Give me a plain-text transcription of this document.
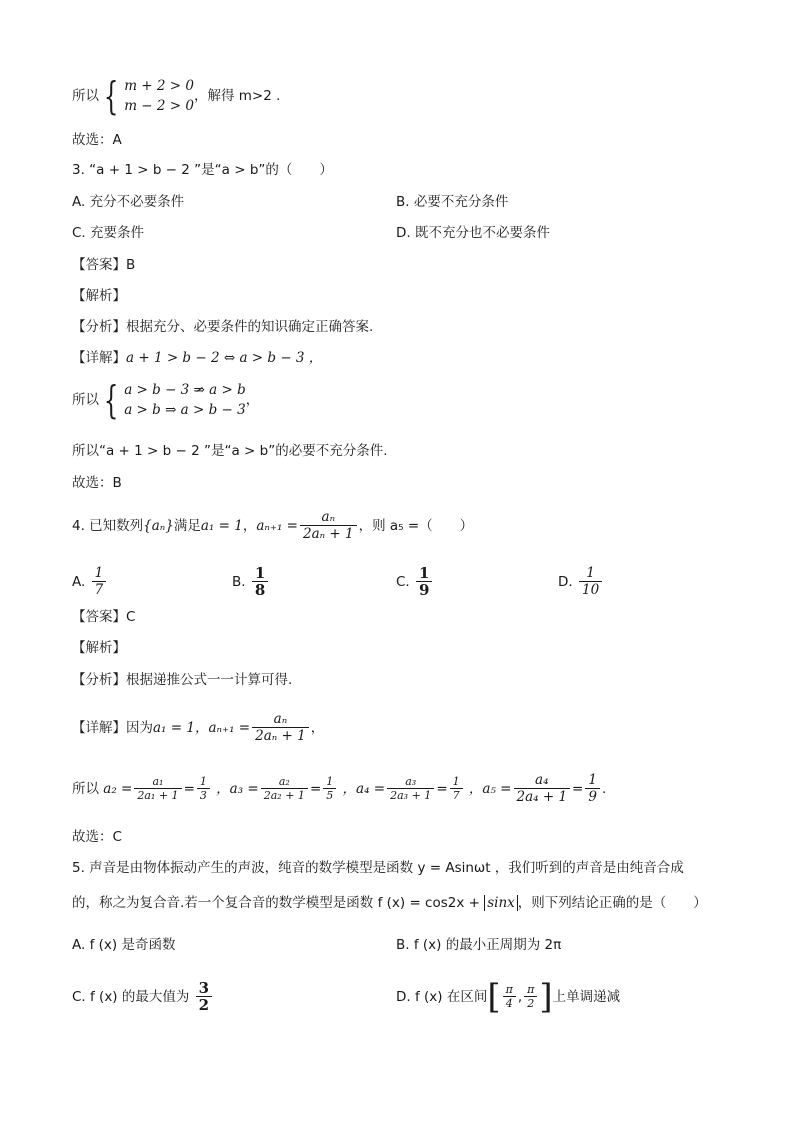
所以 { m + 2 > 0
m − 2 > 0
，解得 m>2 .
故选：A
3. “a + 1 > b − 2 ”是“a > b”的（　　）
A. 充分不必要条件	B. 必要不充分条件
C. 充要条件	D. 既不充分也不必要条件
【答案】B
【解析】
【分析】根据充分、必要条件的知识确定正确答案.
【详解】a + 1 > b − 2 ⇔ a > b − 3 ，
所以 { a > b − 3 ⇒ a > b
a > b ⇒ a > b − 3
，
所以“a + 1 > b − 2 ”是“a > b”的必要不充分条件.
故选：B
4. 已知数列{aₙ}满足a₁ = 1，$a_{n+1} = \frac{\text{aₙ}}{\text{2aₙ + 1}}$ ，则 a₅ =（　　）
A. $\frac{1}{7}$	B. $\frac{1}{8}$	C. $\frac{1}{9}$	D. $\frac{1}{10}$
【答案】C
【解析】
【分析】根据递推公式一一计算可得.
【详解】因为a₁ = 1，$a_{n+1} = \frac{\text{aₙ}}{\text{2aₙ + 1}}$ ，
所以 $a_2 = \frac{\text{a₁}}{\text{2a₁ + 1}} = \frac{1}{3}$ ，$a_3 = \frac{\text{a₂}}{\text{2a₂ + 1}} = \frac{1}{5}$ ，$a_4 = \frac{\text{a₃}}{\text{2a₃ + 1}} = \frac{1}{7}$ ，$a_5 = \frac{\text{a₄}}{\text{2a₄ + 1}} = \frac{1}{9}$ .
故选：C
5. 声音是由物体振动产生的声波，纯音的数学模型是函数 y = Asinωt ，我们听到的声音是由纯音合成
的，称之为复合音.若一个复合音的数学模型是函数 f (x) = cos2x + sinx ，则下列结论正确的是（　　）
A. f (x) 是奇函数	B. f (x) 的最小正周期为 2π
C. f (x) 的最大值为 $\frac{3}{2}$	D. f (x) 在区间[ $\frac{\pi}{4}$ , $\frac{\pi}{2}$ ]上单调递减
